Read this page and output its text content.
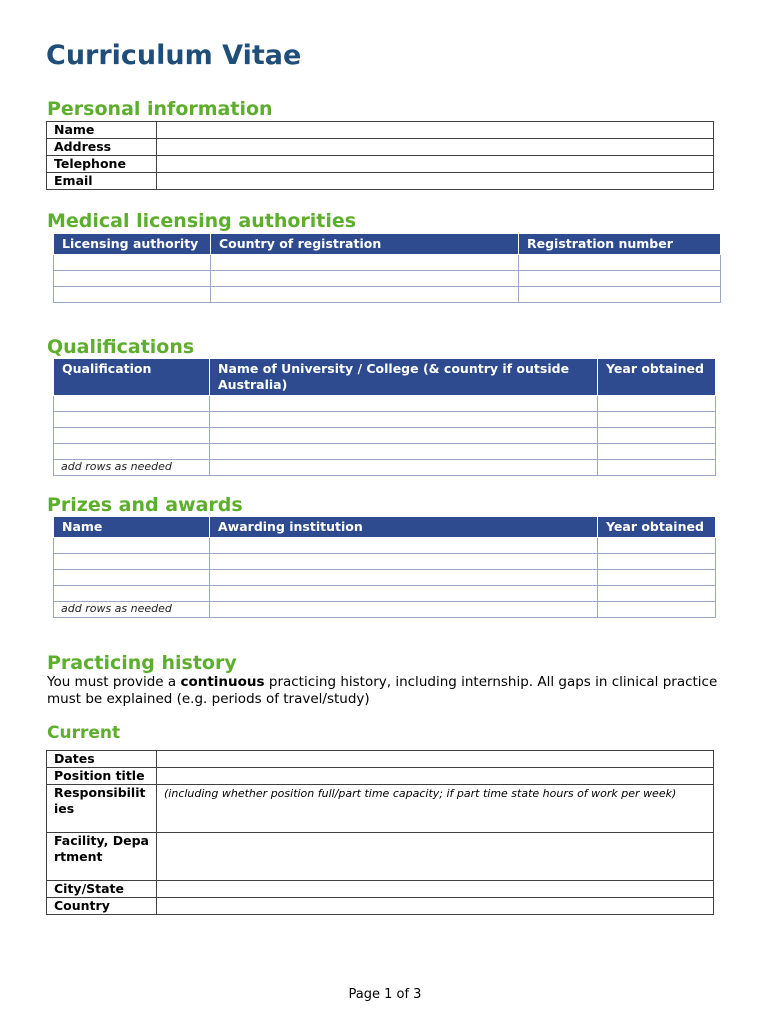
Curriculum Vitae
Personal information
Name	
Address	
Telephone	
Email	
Medical licensing authorities
Licensing authority	Country of registration	Registration number

Qualifications
Qualification	Name of University / College (& country if outside Australia)	Year obtained

add rows as needed		
Prizes and awards
Name	Awarding institution	Year obtained

add rows as needed		
Practicing history

You must provide a continuous practicing history, including internship. All gaps in clinical practice must be explained (e.g. periods of travel/study)

Current
Dates	
Position title	
Responsibilities	(including whether position full/part time capacity; if part time state hours of work per week)
Facility, Department	
City/State	
Country	
Page 1 of 3
